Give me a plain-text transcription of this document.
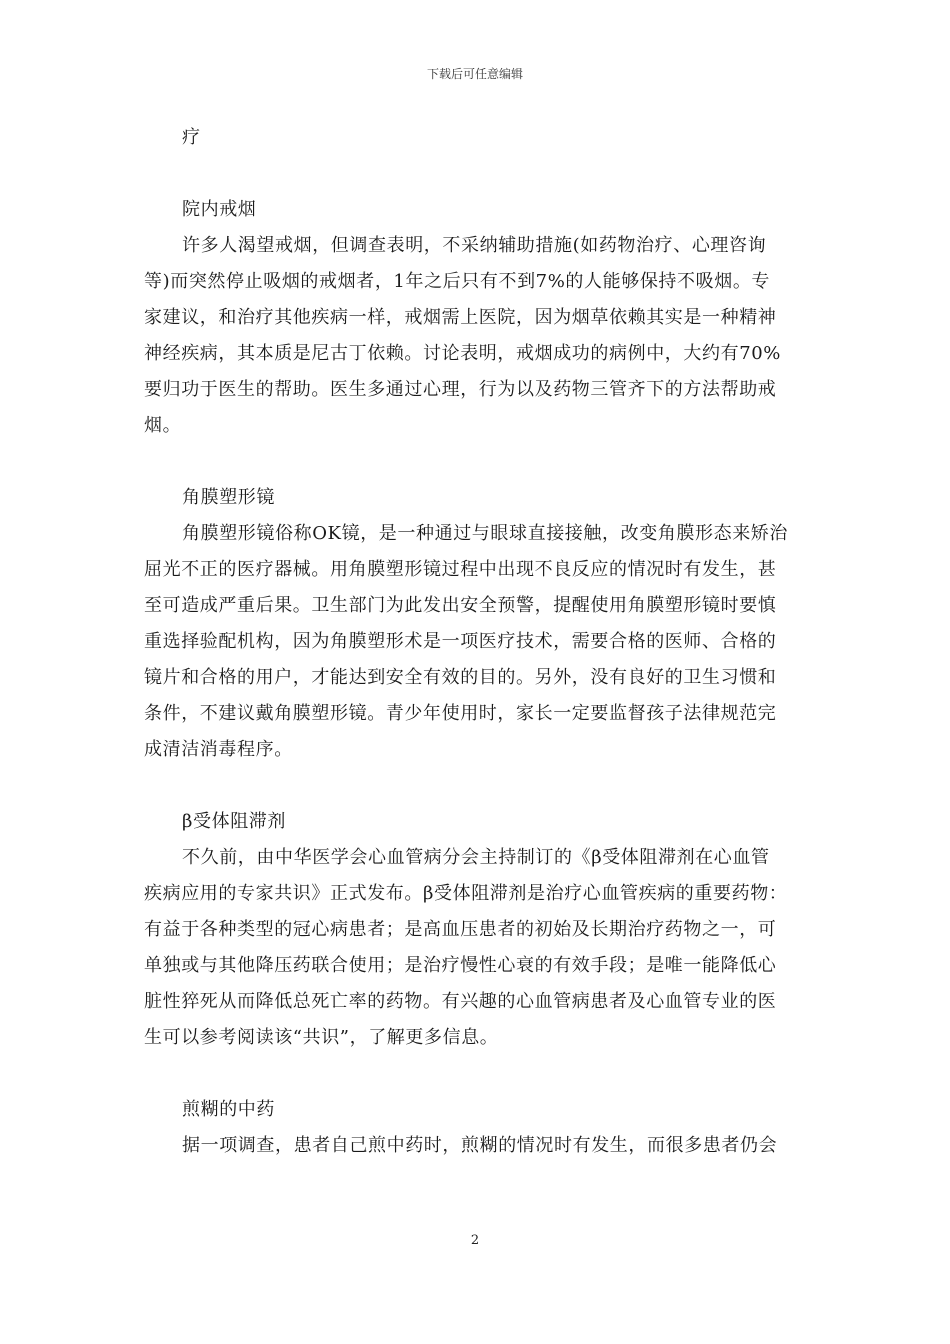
下载后可任意编辑
疗
院内戒烟
许多人渴望戒烟，但调查表明，不采纳辅助措施(如药物治疗、心理咨询
等)而突然停止吸烟的戒烟者，1年之后只有不到7%的人能够保持不吸烟。专
家建议，和治疗其他疾病一样，戒烟需上医院，因为烟草依赖其实是一种精神
神经疾病，其本质是尼古丁依赖。讨论表明，戒烟成功的病例中，大约有70%
要归功于医生的帮助。医生多通过心理，行为以及药物三管齐下的方法帮助戒
烟。
角膜塑形镜
角膜塑形镜俗称OK镜，是一种通过与眼球直接接触，改变角膜形态来矫治
屈光不正的医疗器械。用角膜塑形镜过程中出现不良反应的情况时有发生，甚
至可造成严重后果。卫生部门为此发出安全预警，提醒使用角膜塑形镜时要慎
重选择验配机构，因为角膜塑形术是一项医疗技术，需要合格的医师、合格的
镜片和合格的用户，才能达到安全有效的目的。另外，没有良好的卫生习惯和
条件，不建议戴角膜塑形镜。青少年使用时，家长一定要监督孩子法律规范完
成清洁消毒程序。
β受体阻滞剂
不久前，由中华医学会心血管病分会主持制订的《β受体阻滞剂在心血管
疾病应用的专家共识》正式发布。β受体阻滞剂是治疗心血管疾病的重要药物：
有益于各种类型的冠心病患者；是高血压患者的初始及长期治疗药物之一，可
单独或与其他降压药联合使用；是治疗慢性心衰的有效手段；是唯一能降低心
脏性猝死从而降低总死亡率的药物。有兴趣的心血管病患者及心血管专业的医
生可以参考阅读该“共识”，了解更多信息。
煎糊的中药
据一项调查，患者自己煎中药时，煎糊的情况时有发生，而很多患者仍会
2
